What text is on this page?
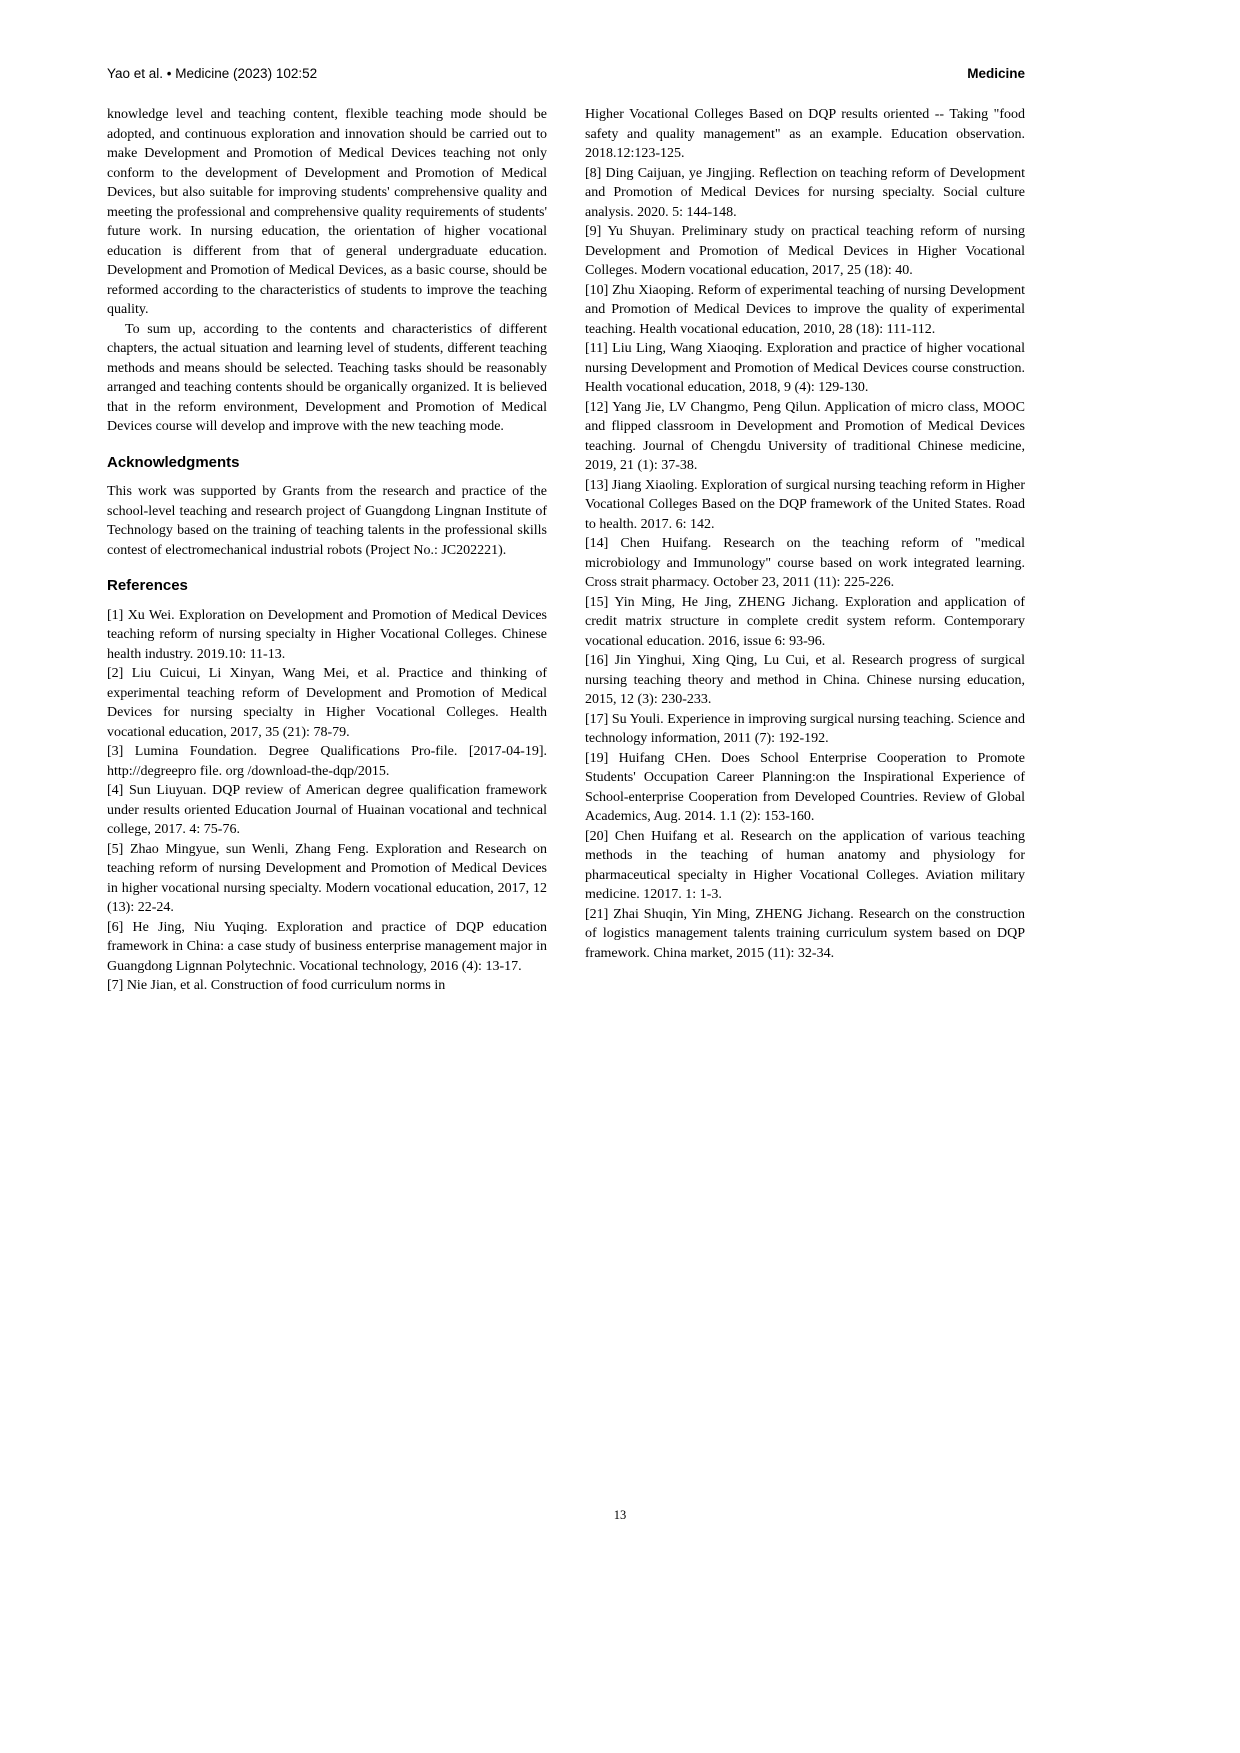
Yao et al. • Medicine (2023) 102:52	Medicine

knowledge level and teaching content, flexible teaching mode should be adopted, and continuous exploration and innovation should be carried out to make Development and Promotion of Medical Devices teaching not only conform to the development of Development and Promotion of Medical Devices, but also suitable for improving students' comprehensive quality and meeting the professional and comprehensive quality requirements of students' future work. In nursing education, the orientation of higher vocational education is different from that of general undergraduate education. Development and Promotion of Medical Devices, as a basic course, should be reformed according to the characteristics of students to improve the teaching quality.

To sum up, according to the contents and characteristics of different chapters, the actual situation and learning level of students, different teaching methods and means should be selected. Teaching tasks should be reasonably arranged and teaching contents should be organically organized. It is believed that in the reform environment, Development and Promotion of Medical Devices course will develop and improve with the new teaching mode.

Acknowledgments

This work was supported by Grants from the research and practice of the school-level teaching and research project of Guangdong Lingnan Institute of Technology based on the training of teaching talents in the professional skills contest of electromechanical industrial robots (Project No.: JC202221).

References

[1] Xu Wei. Exploration on Development and Promotion of Medical Devices teaching reform of nursing specialty in Higher Vocational Colleges. Chinese health industry. 2019.10: 11-13.

[2] Liu Cuicui, Li Xinyan, Wang Mei, et al. Practice and thinking of experimental teaching reform of Development and Promotion of Medical Devices for nursing specialty in Higher Vocational Colleges. Health vocational education, 2017, 35 (21): 78-79.

[3] Lumina Foundation. Degree Qualifications Pro-file. [2017-04-19]. http://degreepro file. org /download-the-dqp/2015.

[4] Sun Liuyuan. DQP review of American degree qualification framework under results oriented Education Journal of Huainan vocational and technical college, 2017. 4: 75-76.

[5] Zhao Mingyue, sun Wenli, Zhang Feng. Exploration and Research on teaching reform of nursing Development and Promotion of Medical Devices in higher vocational nursing specialty. Modern vocational education, 2017, 12 (13): 22-24.

[6] He Jing, Niu Yuqing. Exploration and practice of DQP education framework in China: a case study of business enterprise management major in Guangdong Lignnan Polytechnic. Vocational technology, 2016 (4): 13-17.

[7] Nie Jian, et al. Construction of food curriculum norms in

Higher Vocational Colleges Based on DQP results oriented -- Taking "food safety and quality management" as an example. Education observation. 2018.12:123-125.

[8] Ding Caijuan, ye Jingjing. Reflection on teaching reform of Development and Promotion of Medical Devices for nursing specialty. Social culture analysis. 2020. 5: 144-148.

[9] Yu Shuyan. Preliminary study on practical teaching reform of nursing Development and Promotion of Medical Devices in Higher Vocational Colleges. Modern vocational education, 2017, 25 (18): 40.

[10] Zhu Xiaoping. Reform of experimental teaching of nursing Development and Promotion of Medical Devices to improve the quality of experimental teaching. Health vocational education, 2010, 28 (18): 111-112.

[11] Liu Ling, Wang Xiaoqing. Exploration and practice of higher vocational nursing Development and Promotion of Medical Devices course construction. Health vocational education, 2018, 9 (4): 129-130.

[12] Yang Jie, LV Changmo, Peng Qilun. Application of micro class, MOOC and flipped classroom in Development and Promotion of Medical Devices teaching. Journal of Chengdu University of traditional Chinese medicine, 2019, 21 (1): 37-38.

[13] Jiang Xiaoling. Exploration of surgical nursing teaching reform in Higher Vocational Colleges Based on the DQP framework of the United States. Road to health. 2017. 6: 142.

[14] Chen Huifang. Research on the teaching reform of "medical microbiology and Immunology" course based on work integrated learning. Cross strait pharmacy. October 23, 2011 (11): 225-226.

[15] Yin Ming, He Jing, ZHENG Jichang. Exploration and application of credit matrix structure in complete credit system reform. Contemporary vocational education. 2016, issue 6: 93-96.

[16] Jin Yinghui, Xing Qing, Lu Cui, et al. Research progress of surgical nursing teaching theory and method in China. Chinese nursing education, 2015, 12 (3): 230-233.

[17] Su Youli. Experience in improving surgical nursing teaching. Science and technology information, 2011 (7): 192-192.

[19] Huifang CHen. Does School Enterprise Cooperation to Promote Students' Occupation Career Planning:on the Inspirational Experience of School-enterprise Cooperation from Developed Countries. Review of Global Academics, Aug. 2014. 1.1 (2): 153-160.

[20] Chen Huifang et al. Research on the application of various teaching methods in the teaching of human anatomy and physiology for pharmaceutical specialty in Higher Vocational Colleges. Aviation military medicine. 12017. 1: 1-3.

[21] Zhai Shuqin, Yin Ming, ZHENG Jichang. Research on the construction of logistics management talents training curriculum system based on DQP framework. China market, 2015 (11): 32-34.

13
